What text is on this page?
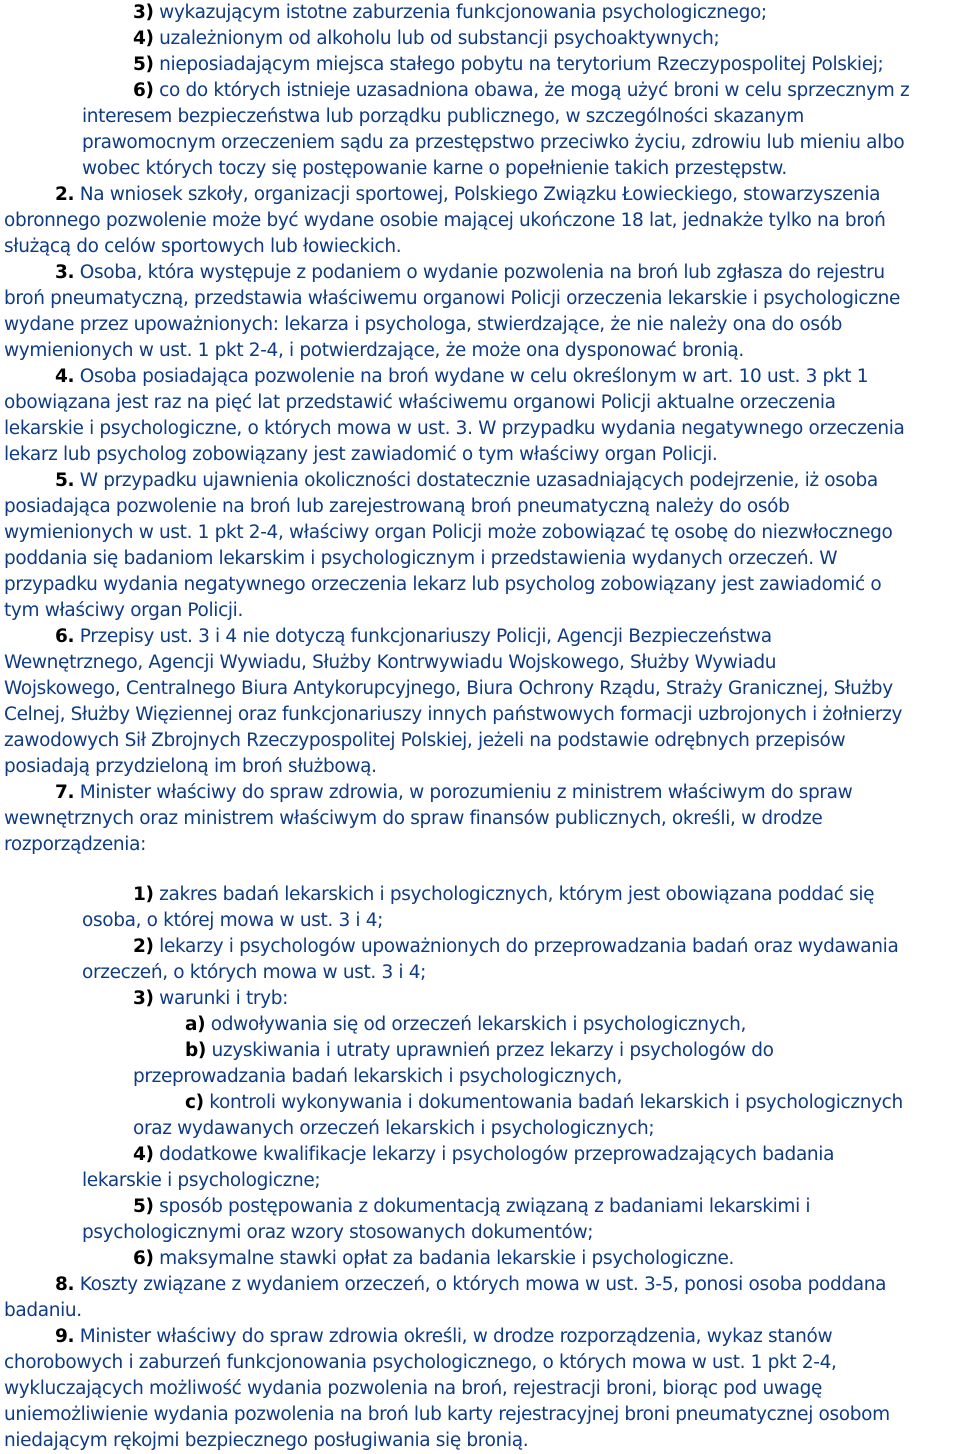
3) wykazującym istotne zaburzenia funkcjonowania psychologicznego;

4) uzależnionym od alkoholu lub od substancji psychoaktywnych;

5) nieposiadającym miejsca stałego pobytu na terytorium Rzeczypospolitej Polskiej;

6) co do których istnieje uzasadniona obawa, że mogą użyć broni w celu sprzecznym z

interesem bezpieczeństwa lub porządku publicznego, w szczególności skazanym

prawomocnym orzeczeniem sądu za przestępstwo przeciwko życiu, zdrowiu lub mieniu albo

wobec których toczy się postępowanie karne o popełnienie takich przestępstw.

2. Na wniosek szkoły, organizacji sportowej, Polskiego Związku Łowieckiego, stowarzyszenia

obronnego pozwolenie może być wydane osobie mającej ukończone 18 lat, jednakże tylko na broń

służącą do celów sportowych lub łowieckich.

3. Osoba, która występuje z podaniem o wydanie pozwolenia na broń lub zgłasza do rejestru

broń pneumatyczną, przedstawia właściwemu organowi Policji orzeczenia lekarskie i psychologiczne

wydane przez upoważnionych: lekarza i psychologa, stwierdzające, że nie należy ona do osób

wymienionych w ust. 1 pkt 2-4, i potwierdzające, że może ona dysponować bronią.

4. Osoba posiadająca pozwolenie na broń wydane w celu określonym w art. 10 ust. 3 pkt 1

obowiązana jest raz na pięć lat przedstawić właściwemu organowi Policji aktualne orzeczenia

lekarskie i psychologiczne, o których mowa w ust. 3. W przypadku wydania negatywnego orzeczenia

lekarz lub psycholog zobowiązany jest zawiadomić o tym właściwy organ Policji.

5. W przypadku ujawnienia okoliczności dostatecznie uzasadniających podejrzenie, iż osoba

posiadająca pozwolenie na broń lub zarejestrowaną broń pneumatyczną należy do osób

wymienionych w ust. 1 pkt 2-4, właściwy organ Policji może zobowiązać tę osobę do niezwłocznego

poddania się badaniom lekarskim i psychologicznym i przedstawienia wydanych orzeczeń. W

przypadku wydania negatywnego orzeczenia lekarz lub psycholog zobowiązany jest zawiadomić o

tym właściwy organ Policji.

6. Przepisy ust. 3 i 4 nie dotyczą funkcjonariuszy Policji, Agencji Bezpieczeństwa

Wewnętrznego, Agencji Wywiadu, Służby Kontrwywiadu Wojskowego, Służby Wywiadu

Wojskowego, Centralnego Biura Antykorupcyjnego, Biura Ochrony Rządu, Straży Granicznej, Służby

Celnej, Służby Więziennej oraz funkcjonariuszy innych państwowych formacji uzbrojonych i żołnierzy

zawodowych Sił Zbrojnych Rzeczypospolitej Polskiej, jeżeli na podstawie odrębnych przepisów

posiadają przydzieloną im broń służbową.

7. Minister właściwy do spraw zdrowia, w porozumieniu z ministrem właściwym do spraw

wewnętrznych oraz ministrem właściwym do spraw finansów publicznych, określi, w drodze

rozporządzenia:

1) zakres badań lekarskich i psychologicznych, którym jest obowiązana poddać się

osoba, o której mowa w ust. 3 i 4;

2) lekarzy i psychologów upoważnionych do przeprowadzania badań oraz wydawania

orzeczeń, o których mowa w ust. 3 i 4;

3) warunki i tryb:

a) odwoływania się od orzeczeń lekarskich i psychologicznych,

b) uzyskiwania i utraty uprawnień przez lekarzy i psychologów do

przeprowadzania badań lekarskich i psychologicznych,

c) kontroli wykonywania i dokumentowania badań lekarskich i psychologicznych

oraz wydawanych orzeczeń lekarskich i psychologicznych;

4) dodatkowe kwalifikacje lekarzy i psychologów przeprowadzających badania

lekarskie i psychologiczne;

5) sposób postępowania z dokumentacją związaną z badaniami lekarskimi i

psychologicznymi oraz wzory stosowanych dokumentów;

6) maksymalne stawki opłat za badania lekarskie i psychologiczne.

8. Koszty związane z wydaniem orzeczeń, o których mowa w ust. 3-5, ponosi osoba poddana

badaniu.

9. Minister właściwy do spraw zdrowia określi, w drodze rozporządzenia, wykaz stanów

chorobowych i zaburzeń funkcjonowania psychologicznego, o których mowa w ust. 1 pkt 2-4,

wykluczających możliwość wydania pozwolenia na broń, rejestracji broni, biorąc pod uwagę

uniemożliwienie wydania pozwolenia na broń lub karty rejestracyjnej broni pneumatycznej osobom

niedającym rękojmi bezpiecznego posługiwania się bronią.
